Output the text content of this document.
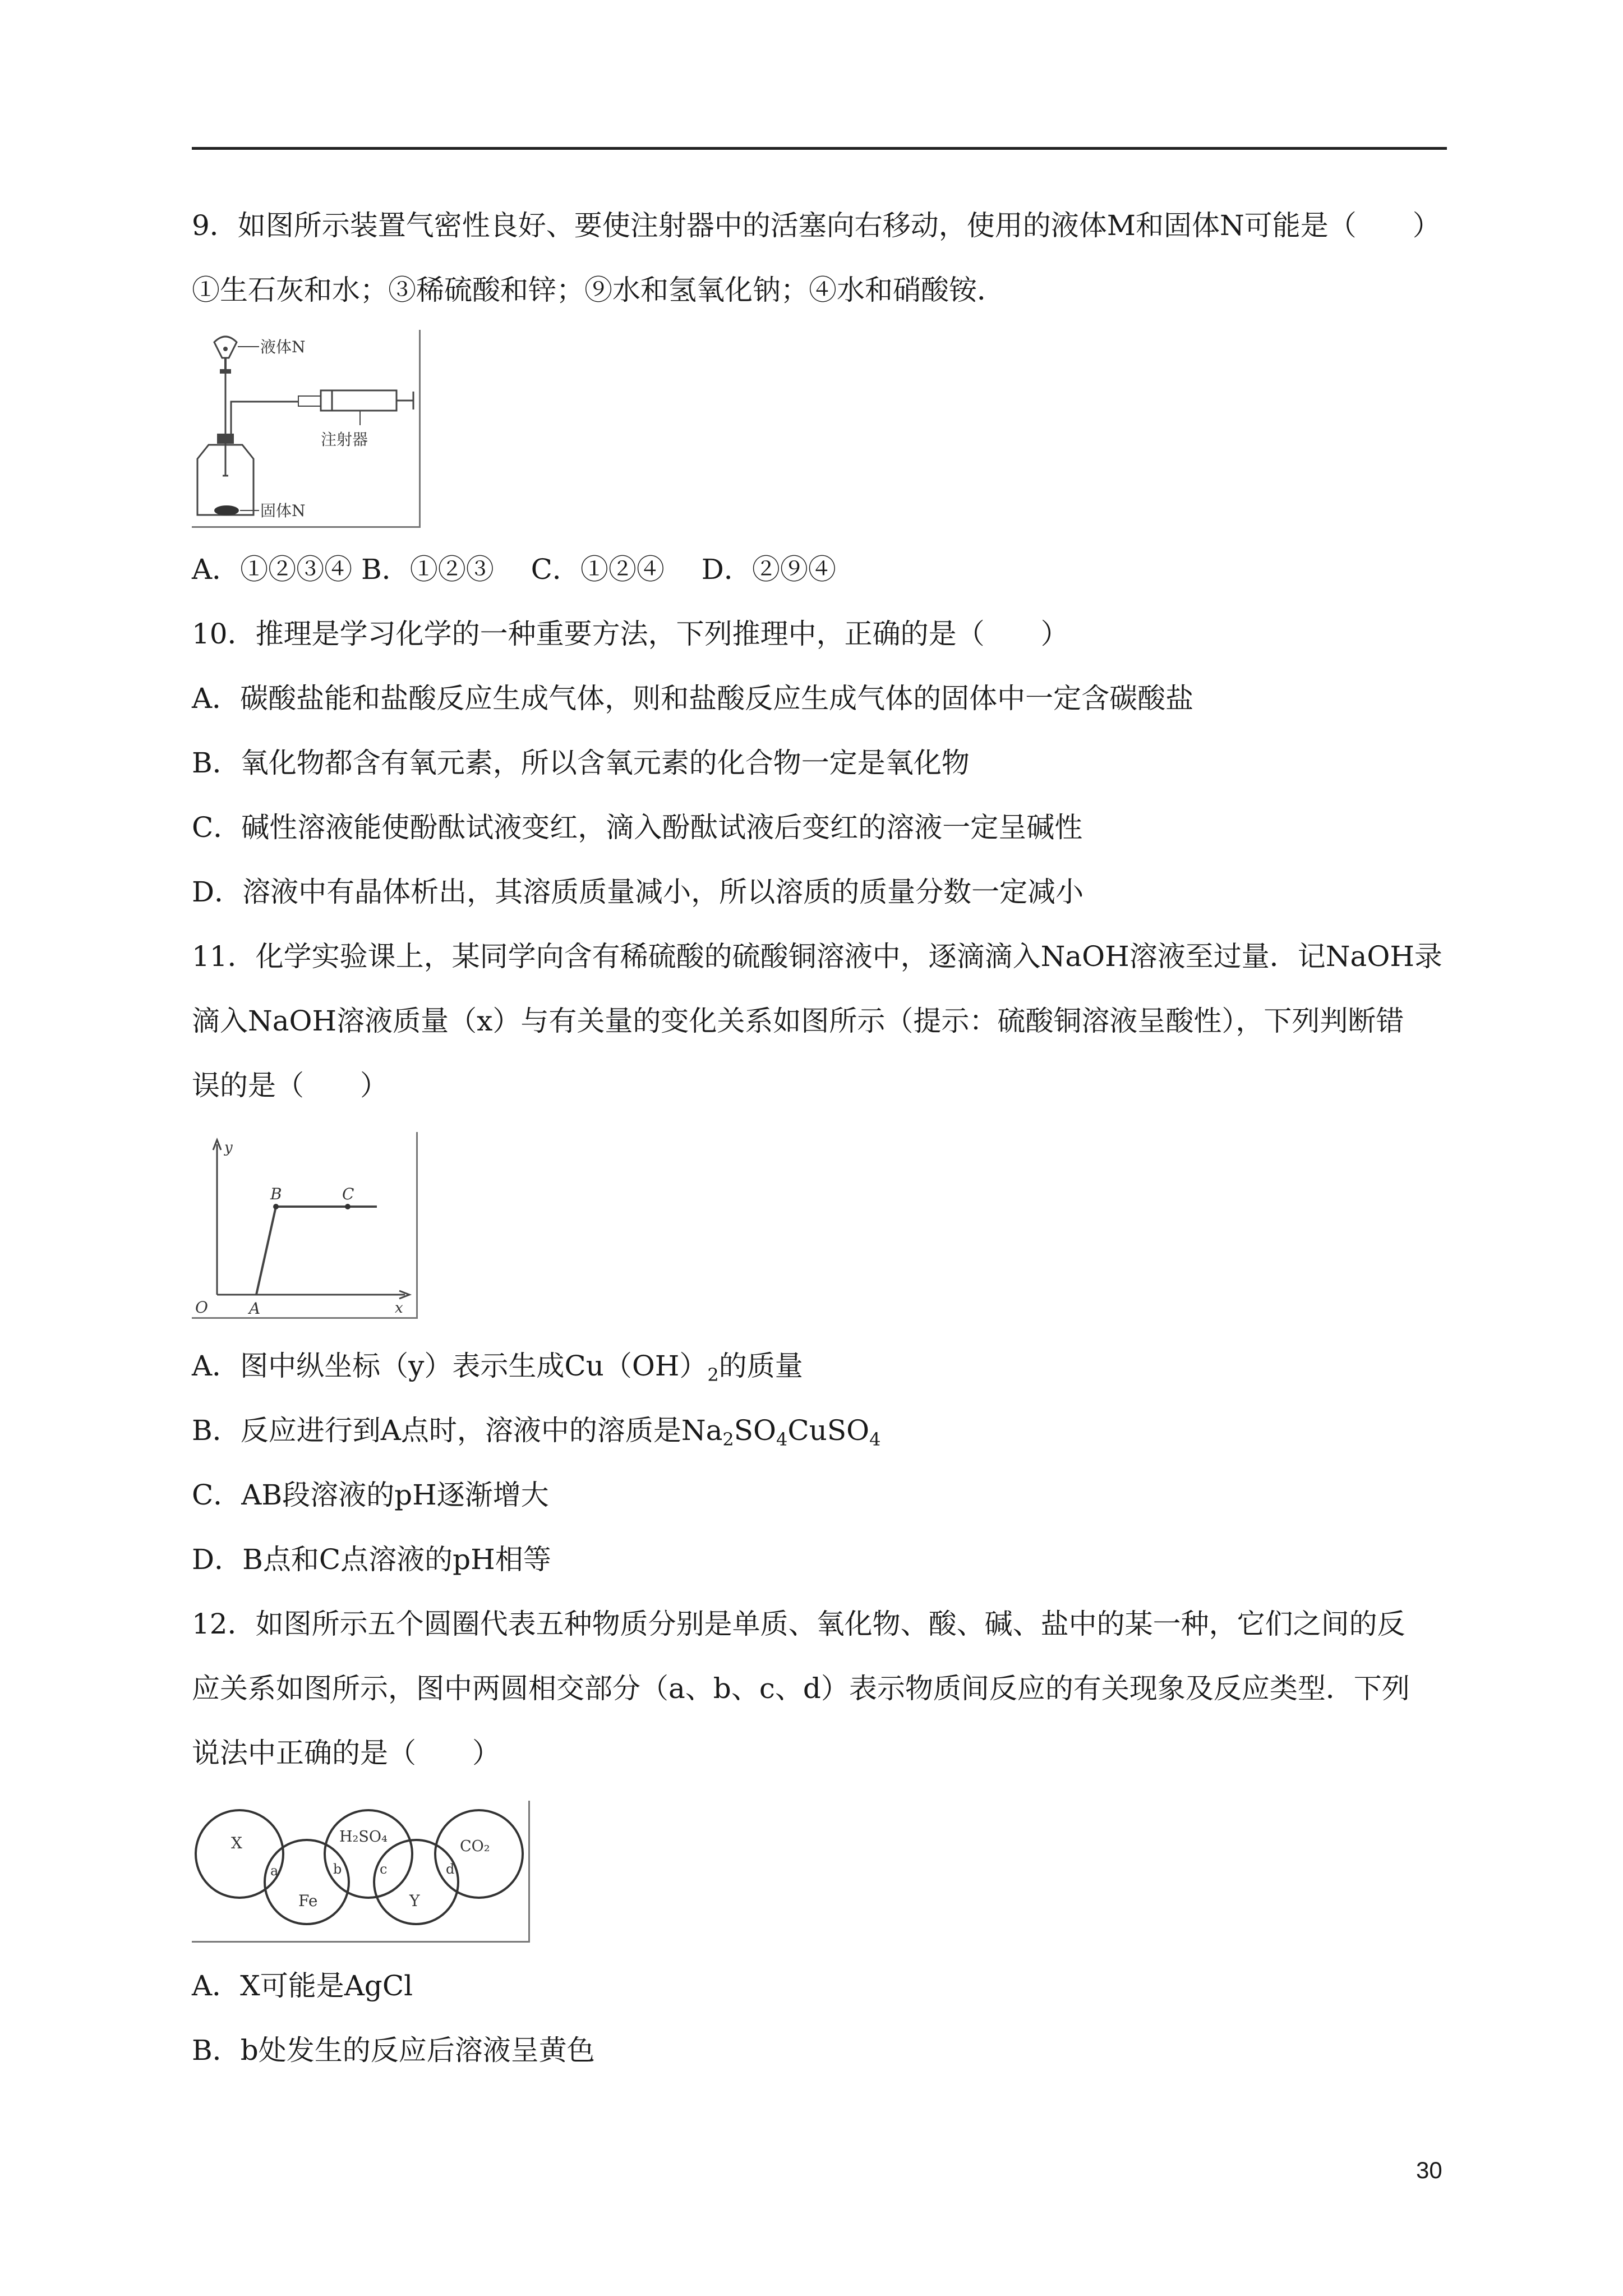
9．如图所示装置气密性良好、要使注射器中的活塞向右移动，使用的液体M和固体N可能是（　　）
①生石灰和水；③稀硫酸和锌；⑨水和氢氧化钠；④水和硝酸铵．
液体N
注射器
固体N
A．①②③④ B．①②③　 C．①②④　 D．②⑨④
10．推理是学习化学的一种重要方法，下列推理中，正确的是（　　）
A．碳酸盐能和盐酸反应生成气体，则和盐酸反应生成气体的固体中一定含碳酸盐
B．氧化物都含有氧元素，所以含氧元素的化合物一定是氧化物
C．碱性溶液能使酚酞试液变红，滴入酚酞试液后变红的溶液一定呈碱性
D．溶液中有晶体析出，其溶质质量减小，所以溶质的质量分数一定减小
11．化学实验课上，某同学向含有稀硫酸的硫酸铜溶液中，逐滴滴入NaOH溶液至过量．记NaOH录
滴入NaOH溶液质量（x）与有关量的变化关系如图所示（提示：硫酸铜溶液呈酸性），下列判断错
误的是（　　）
y
x
O	A
B	C
A．图中纵坐标（y）表示生成$Cu(OH)_2$的质量
B．反应进行到A点时，溶液中的溶质是$Na_2SO_4CuSO_4$
C．AB段溶液的pH逐渐增大
D．B点和C点溶液的pH相等
12．如图所示五个圆圈代表五种物质分别是单质、氧化物、酸、碱、盐中的某一种，它们之间的反
应关系如图所示，图中两圆相交部分（a、b、c、d）表示物质间反应的有关现象及反应类型．下列
说法中正确的是（　　）
X	H₂SO₄
CO₂
Fe	Y
a	b	c	d
A．X可能是AgCl
B．b处发生的反应后溶液呈黄色
30
